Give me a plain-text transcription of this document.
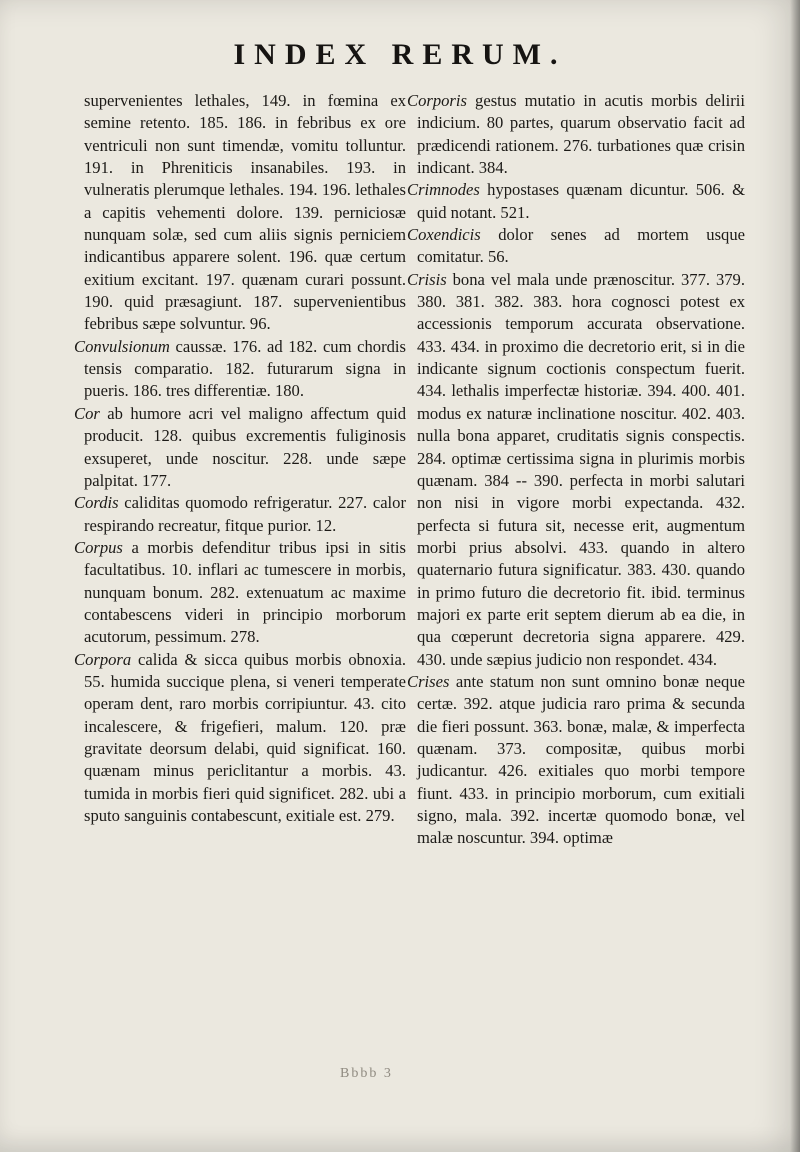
INDEX RERUM.

supervenientes lethales, 149. in fœmina ex semine retento. 185. 186. in febribus ex ore ventriculi non sunt timendæ, vomitu tolluntur. 191. in Phreniticis insanabiles. 193. in vulneratis plerumque lethales. 194. 196. lethales a capitis vehementi dolore. 139. perniciosæ nunquam solæ, sed cum aliis signis perniciem indicantibus apparere solent. 196. quæ certum exitium excitant. 197. quænam curari possunt. 190. quid præsagiunt. 187. supervenientibus febribus sæpe solvuntur. 96.

Convulsionum caussæ. 176. ad 182. cum chordis tensis comparatio. 182. futurarum signa in pueris. 186. tres differentiæ. 180.

Cor ab humore acri vel maligno affectum quid producit. 128. quibus excrementis fuliginosis exsuperet, unde noscitur. 228. unde sæpe palpitat. 177.

Cordis caliditas quomodo refrigeratur. 227. calor respirando recreatur, fitque purior. 12.

Corpus a morbis defenditur tribus ipsi in sitis facultatibus. 10. inflari ac tumescere in morbis, nunquam bonum. 282. extenuatum ac maxime contabescens videri in principio morborum acutorum, pessimum. 278.

Corpora calida & sicca quibus morbis obnoxia. 55. humida succique plena, si veneri temperate operam dent, raro morbis corripiuntur. 43. cito incalescere, & frigefieri, malum. 120. præ gravitate deorsum delabi, quid significat. 160. quænam minus periclitantur a morbis. 43. tumida in morbis fieri quid significet. 282. ubi a sputo sanguinis contabescunt, exitiale est. 279.

Corporis gestus mutatio in acutis morbis delirii indicium. 80 partes, quarum observatio facit ad prædicendi rationem. 276. turbationes quæ crisin indicant. 384.

Crimnodes hypostases quænam dicuntur. 506. & quid notant. 521.

Coxendicis dolor senes ad mortem usque comitatur. 56.

Crisis bona vel mala unde prænoscitur. 377. 379. 380. 381. 382. 383. hora cognosci potest ex accessionis temporum accurata observatione. 433. 434. in proximo die decretorio erit, si in die indicante signum coctionis conspectum fuerit. 434. lethalis imperfectæ historiæ. 394. 400. 401. modus ex naturæ inclinatione noscitur. 402. 403. nulla bona apparet, cruditatis signis conspectis. 284. optimæ certissima signa in plurimis morbis quænam. 384 -- 390. perfecta in morbi salutari non nisi in vigore morbi expectanda. 432. perfecta si futura sit, necesse erit, augmentum morbi prius absolvi. 433. quando in altero quaternario futura significatur. 383. 430. quando in primo futuro die decretorio fit. ibid. terminus majori ex parte erit septem dierum ab ea die, in qua cœperunt decretoria signa apparere. 429. 430. unde sæpius judicio non respondet. 434.

Crises ante statum non sunt omnino bonæ neque certæ. 392. atque judicia raro prima & secunda die fieri possunt. 363. bonæ, malæ, & imperfecta quænam. 373. compositæ, quibus morbi judicantur. 426. exitiales quo morbi tempore fiunt. 433. in principio morborum, cum exitiali signo, mala. 392. incertæ quomodo bonæ, vel malæ noscuntur. 394. optimæ

Bbbb 3
